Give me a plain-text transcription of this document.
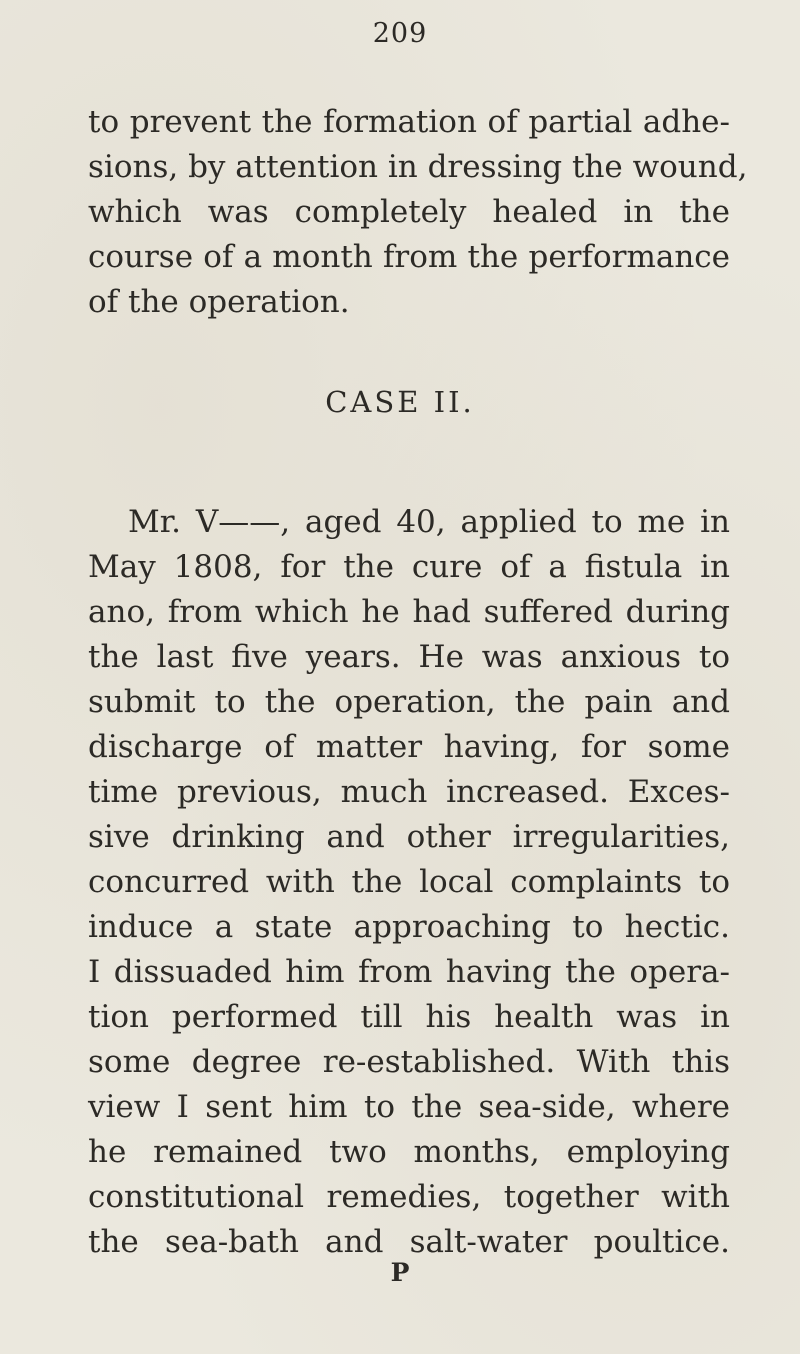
209

to prevent the formation of partial adhe-
sions, by attention in dressing the wound,
which was completely healed in the
course of a month from the performance
of the operation.

CASE II.

Mr. V——, aged 40, applied to me in
May 1808, for the cure of a fistula in
ano, from which he had suffered during
the last five years. He was anxious to
submit to the operation, the pain and
discharge of matter having, for some
time previous, much increased. Exces-
sive drinking and other irregularities,
concurred with the local complaints to
induce a state approaching to hectic.
I dissuaded him from having the opera-
tion performed till his health was in
some degree re-established. With this
view I sent him to the sea-side, where
he remained two months, employing
constitutional remedies, together with
the sea-bath and salt-water poultice.

P
